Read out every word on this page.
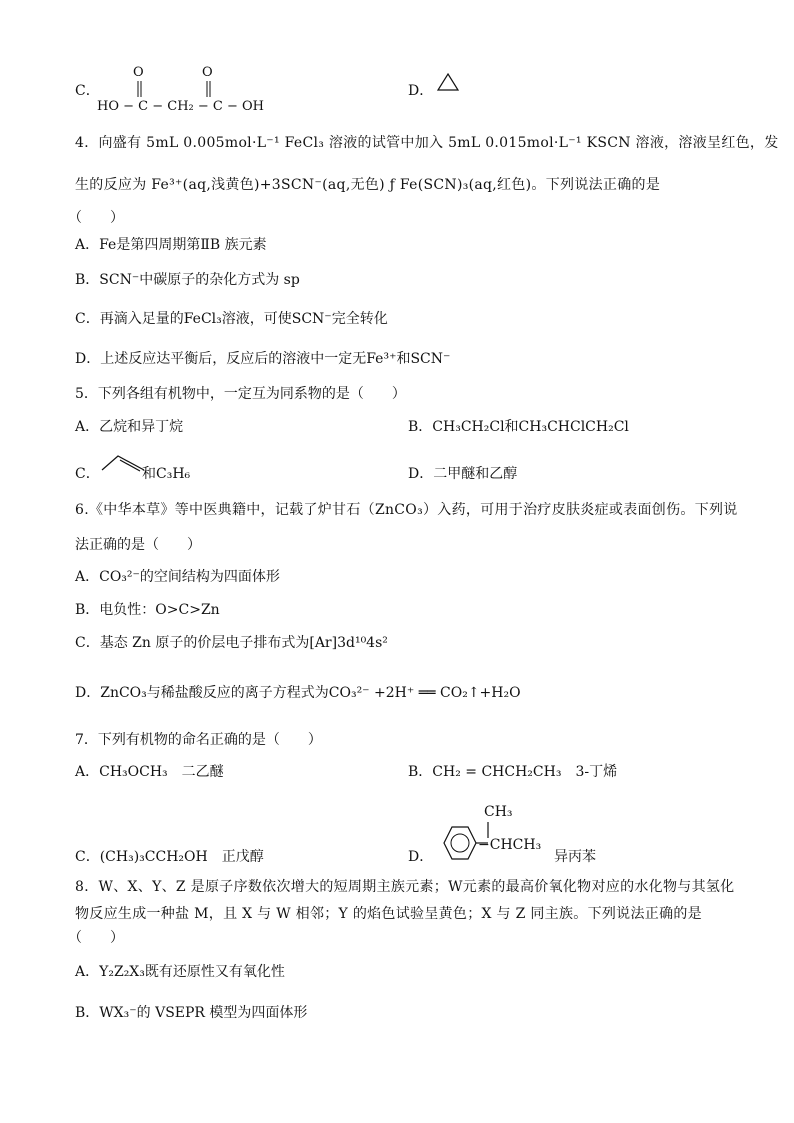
C．
O	O
HO − C − CH₂ − C − OH
D．
4．向盛有 5mL 0.005mol·L⁻¹ FeCl₃ 溶液的试管中加入 5mL 0.015mol·L⁻¹ KSCN 溶液，溶液呈红色，发
生的反应为 Fe³⁺(aq,浅黄色)+3SCN⁻(aq,无色) ƒ Fe(SCN)₃(aq,红色)。下列说法正确的是
（　　）
A．Fe是第四周期第ⅡB 族元素
B．SCN⁻中碳原子的杂化方式为 sp
C．再滴入足量的FeCl₃溶液，可使SCN⁻完全转化
D．上述反应达平衡后，反应后的溶液中一定无Fe³⁺和SCN⁻
5．下列各组有机物中，一定互为同系物的是（　　）
A．乙烷和异丁烷	B．CH₃CH₂Cl和CH₃CHClCH₂Cl
C．	和C₃H₆	D．二甲醚和乙醇
6.《中华本草》等中医典籍中，记载了炉甘石（ZnCO₃）入药，可用于治疗皮肤炎症或表面创伤。下列说
法正确的是（　　）
A．CO₃²⁻的空间结构为四面体形
B．电负性：O>C>Zn
C．基态 Zn 原子的价层电子排布式为[Ar]3d¹⁰4s²
D．ZnCO₃与稀盐酸反应的离子方程式为CO₃²⁻ +2H⁺ ══ CO₂↑+H₂O
7．下列有机物的命名正确的是（　　）
A．CH₃OCH₃　二乙醚	B．CH₂ = CHCH₂CH₃　3-丁烯
C．(CH₃)₃CCH₂OH　正戊醇	D．
CH₃
−CHCH₃
异丙苯
8．W、X、Y、Z 是原子序数依次增大的短周期主族元素；W元素的最高价氧化物对应的水化物与其氢化
物反应生成一种盐 M，且 X 与 W 相邻；Y 的焰色试验呈黄色；X 与 Z 同主族。下列说法正确的是
（　　）
A．Y₂Z₂X₃既有还原性又有氧化性
B．WX₃⁻的 VSEPR 模型为四面体形
